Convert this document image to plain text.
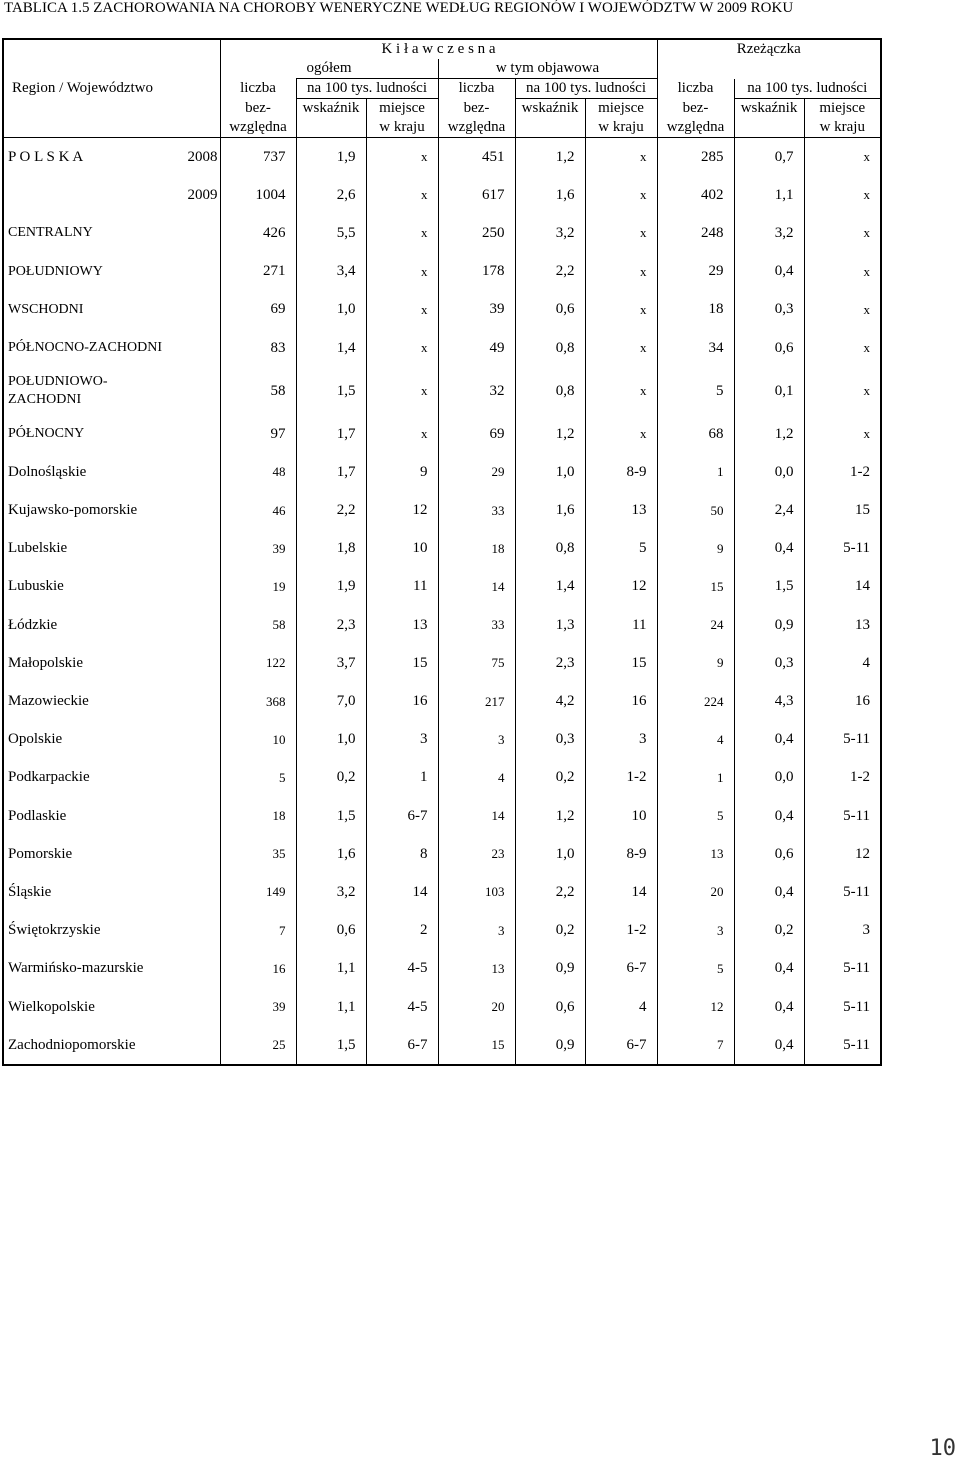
TABLICA 1.5 ZACHOROWANIA NA CHOROBY WENERYCZNE WEDŁUG REGIONÓW I WOJEWÓDZTW W 2009 ROKU
		K i ł a w c z e s n a						Rzeżączka		
		ogółem			w tym objawowa					
Region / Województwo		liczba	na 100 tys. ludności		liczba	na 100 tys. ludności		liczba	na 100 tys. ludności	
		bez-	wskaźnik	miejsce	bez-	wskaźnik	miejsce	bez-	wskaźnik	miejsce
		względna		w kraju	względna		w kraju	względna		w kraju
P O L S K A	2008	737	1,9	x	451	1,2	x	285	0,7	x
	2009	1004	2,6	x	617	1,6	x	402	1,1	x
CENTRALNY		426	5,5	x	250	3,2	x	248	3,2	x
POŁUDNIOWY		271	3,4	x	178	2,2	x	29	0,4	x
WSCHODNI		69	1,0	x	39	0,6	x	18	0,3	x
PÓŁNOCNO-ZACHODNI		83	1,4	x	49	0,8	x	34	0,6	x

POŁUDNIOWO-
ZACHODNI		58	1,5	x	32	0,8	x	5	0,1	x
PÓŁNOCNY		97	1,7	x	69	1,2	x	68	1,2	x
Dolnośląskie		48	1,7	9	29	1,0	8-9	1	0,0	1-2
Kujawsko-pomorskie		46	2,2	12	33	1,6	13	50	2,4	15
Lubelskie		39	1,8	10	18	0,8	5	9	0,4	5-11
Lubuskie		19	1,9	11	14	1,4	12	15	1,5	14
Łódzkie		58	2,3	13	33	1,3	11	24	0,9	13
Małopolskie		122	3,7	15	75	2,3	15	9	0,3	4
Mazowieckie		368	7,0	16	217	4,2	16	224	4,3	16
Opolskie		10	1,0	3	3	0,3	3	4	0,4	5-11
Podkarpackie		5	0,2	1	4	0,2	1-2	1	0,0	1-2
Podlaskie		18	1,5	6-7	14	1,2	10	5	0,4	5-11
Pomorskie		35	1,6	8	23	1,0	8-9	13	0,6	12
Śląskie		149	3,2	14	103	2,2	14	20	0,4	5-11
Świętokrzyskie		7	0,6	2	3	0,2	1-2	3	0,2	3
Warmińsko-mazurskie		16	1,1	4-5	13	0,9	6-7	5	0,4	5-11
Wielkopolskie		39	1,1	4-5	20	0,6	4	12	0,4	5-11
Zachodniopomorskie		25	1,5	6-7	15	0,9	6-7	7	0,4	5-11
10
